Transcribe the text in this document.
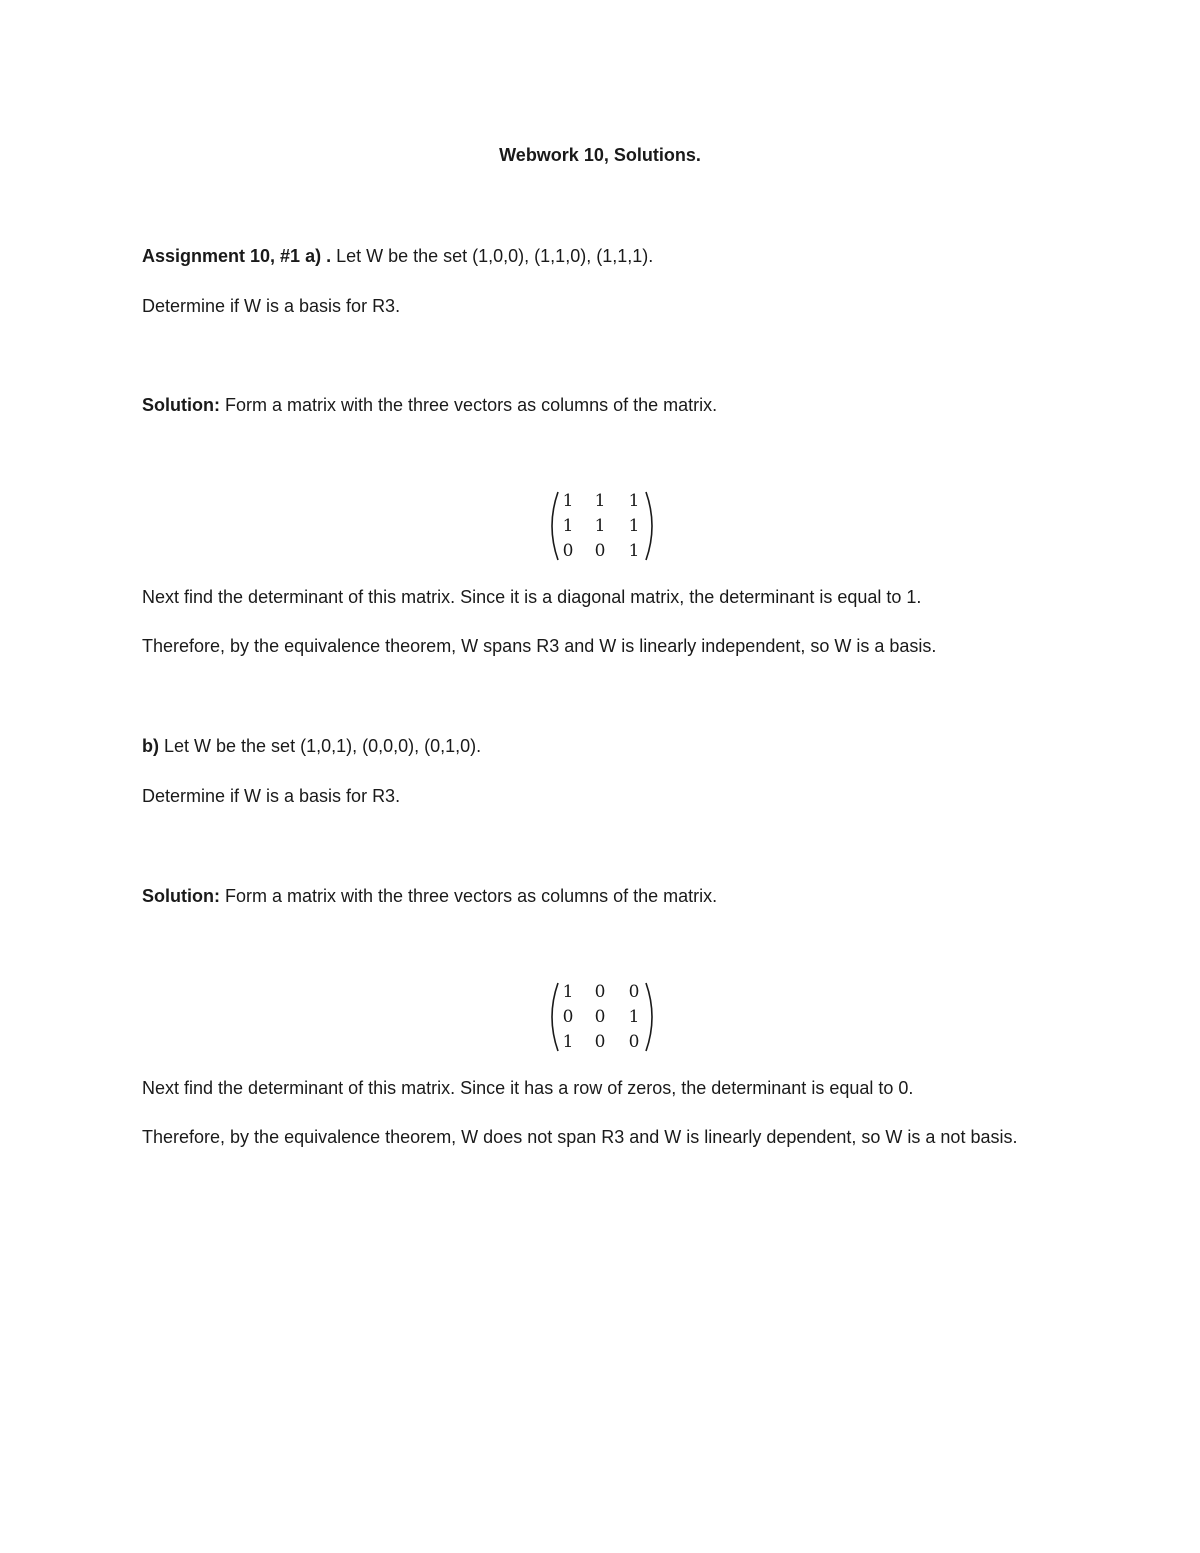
Webwork 10, Solutions.
Assignment 10, #1 a) . Let W be the set (1,0,0), (1,1,0), (1,1,1).
Determine if W is a basis for R3.
Solution: Form a matrix with the three vectors as columns of the matrix.
1 1 1
1 1 1
0 0 1
Next find the determinant of this matrix. Since it is a diagonal matrix, the determinant is equal to 1.
Therefore, by the equivalence theorem, W spans R3 and W is linearly independent, so W is a basis.
b) Let W be the set (1,0,1), (0,0,0), (0,1,0).
Determine if W is a basis for R3.
Solution: Form a matrix with the three vectors as columns of the matrix.
1 0 0
0 0 1
1 0 0
Next find the determinant of this matrix. Since it has a row of zeros, the determinant is equal to 0.
Therefore, by the equivalence theorem, W does not span R3 and W is linearly dependent, so W is a not basis.
